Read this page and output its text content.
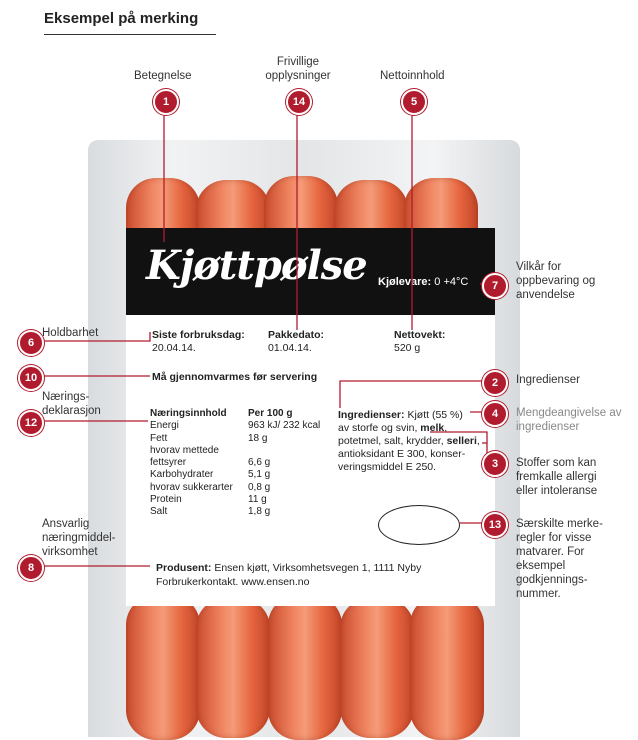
Eksempel på merking
Kjøttpølse Kjølevare: 0 +4°C
Siste forbruksdag:
20.04.14.
Pakkedato:
01.04.14.
Nettovekt:
520 g
Må gjennomvarmes før servering
Næringsinnhold	Per 100 g
Energi	963 kJ/ 232 kcal
Fett	18 g
hvorav mettede	
fettsyrer	6,6 g
Karbohydrater	5,1 g
hvorav sukkerarter	0,8 g
Protein	11 g
Salt	1,8 g
Ingredienser: Kjøtt (55 %)
av storfe og svin, melk,
potetmel, salt, krydder, selleri,
antioksidant E 300, konser-
veringsmiddel E 250.
Produsent: Ensen kjøtt, Virksomhetsvegen 1, 1111 Nyby
Forbrukerkontakt. www.ensen.no
1	14	5
7
6
10
12
2
4
3
13
8
Betegnelse
Frivillige opplysninger	Nettoinnhold
Vilkår for oppbevaring og anvendelse
Holdbarhet
Nærings-deklarasjon
Ingredienser
Mengdeangivelse av ingredienser
Stoffer som kan fremkalle allergi eller intoleranse
Særskilte merke-regler for visse matvarer. For eksempel godkjennings-nummer.
Ansvarlig næringmiddel-virksomhet
